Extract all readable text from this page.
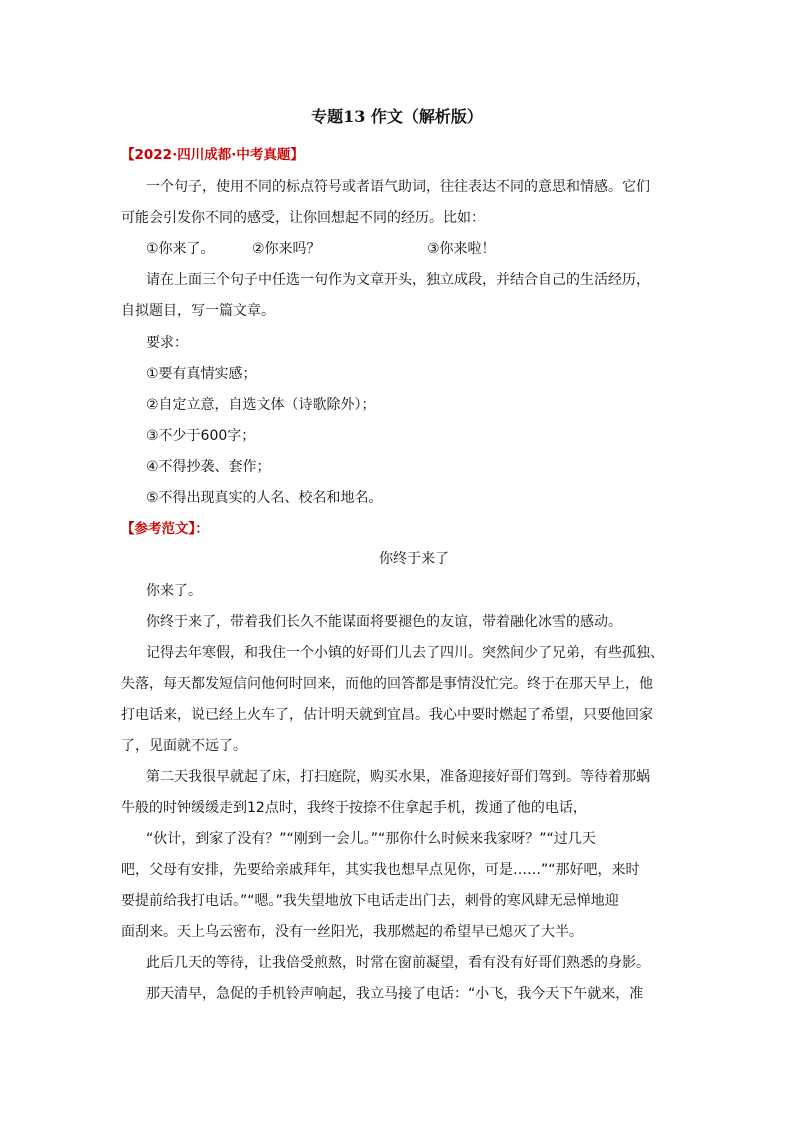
专题13 作文（解析版）
【2022·四川成都·中考真题】
一个句子，使用不同的标点符号或者语气助词，往往表达不同的意思和情感。它们
可能会引发你不同的感受，让你回想起不同的经历。比如：
①你来了。	②你来吗？	③你来啦！
请在上面三个句子中任选一句作为文章开头，独立成段，并结合自己的生活经历，
自拟题目，写一篇文章。
要求：
①要有真情实感；
②自定立意，自选文体（诗歌除外）；
③不少于600字；
④不得抄袭、套作；
⑤不得出现真实的人名、校名和地名。
【参考范文】：
你终于来了
你来了。
你终于来了，带着我们长久不能谋面将要褪色的友谊，带着融化冰雪的感动。
记得去年寒假，和我住一个小镇的好哥们儿去了四川。突然间少了兄弟，有些孤独、
失落，每天都发短信问他何时回来，而他的回答都是事情没忙完。终于在那天早上，他
打电话来，说已经上火车了，估计明天就到宜昌。我心中要时燃起了希望，只要他回家
了，见面就不远了。
第二天我很早就起了床，打扫庭院，购买水果，准备迎接好哥们驾到。等待着那蜗
牛般的时钟缓缓走到12点时，我终于按捺不住拿起手机，拨通了他的电话，
“伙计，到家了没有？”“刚到一会儿。”“那你什么时候来我家呀？”“过几天
吧，父母有安排，先要给亲戚拜年，其实我也想早点见你，可是……”“那好吧，来时
要提前给我打电话。”“嗯。”我失望地放下电话走出门去，刺骨的寒风肆无忌惮地迎
面刮来。天上乌云密布，没有一丝阳光，我那燃起的希望早已熄灭了大半。
此后几天的等待，让我倍受煎熬，时常在窗前凝望，看有没有好哥们熟悉的身影。
那天清早，急促的手机铃声响起，我立马接了电话：“小飞，我今天下午就来，准
